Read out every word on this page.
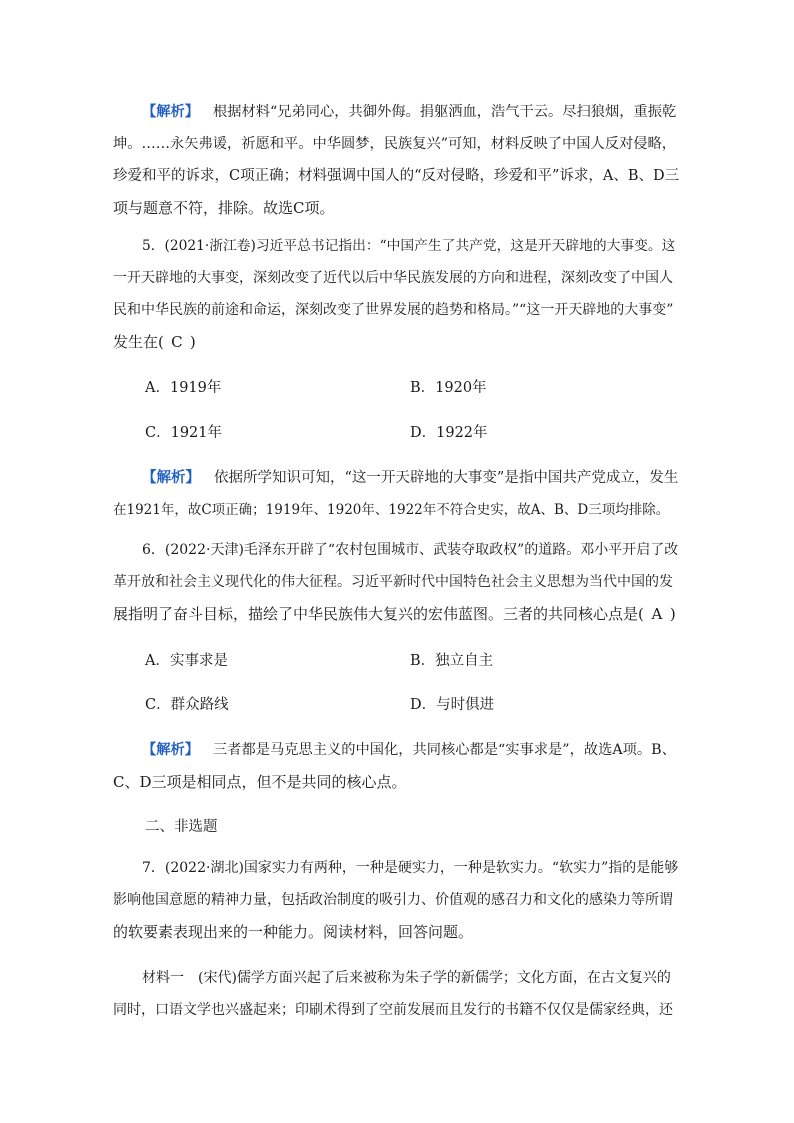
【解析】 根据材料“兄弟同心，共御外侮。捐躯洒血，浩气干云。尽扫狼烟，重振乾
坤。……永矢弗谖，祈愿和平。中华圆梦，民族复兴”可知，材料反映了中国人反对侵略，
珍爱和平的诉求，C项正确；材料强调中国人的“反对侵略，珍爱和平”诉求，A、B、D三
项与题意不符，排除。故选C项。
5．(2021·浙江卷)习近平总书记指出：“中国产生了共产党，这是开天辟地的大事变。这
一开天辟地的大事变，深刻改变了近代以后中华民族发展的方向和进程，深刻改变了中国人
民和中华民族的前途和命运，深刻改变了世界发展的趋势和格局。”“这一开天辟地的大事变”
发生在( C )
A．1919年	B．1920年
C．1921年	D．1922年
【解析】 依据所学知识可知，“这一开天辟地的大事变”是指中国共产党成立，发生
在1921年，故C项正确；1919年、1920年、1922年不符合史实，故A、B、D三项均排除。
6．(2022·天津)毛泽东开辟了“农村包围城市、武装夺取政权”的道路。邓小平开启了改
革开放和社会主义现代化的伟大征程。习近平新时代中国特色社会主义思想为当代中国的发
展指明了奋斗目标，描绘了中华民族伟大复兴的宏伟蓝图。三者的共同核心点是( A )
A．实事求是	B．独立自主
C．群众路线	D．与时俱进
【解析】 三者都是马克思主义的中国化，共同核心都是“实事求是”，故选A项。B、
C、D三项是相同点，但不是共同的核心点。
二、非选题
7．(2022·湖北)国家实力有两种，一种是硬实力，一种是软实力。“软实力”指的是能够
影响他国意愿的精神力量，包括政治制度的吸引力、价值观的感召力和文化的感染力等所谓
的软要素表现出来的一种能力。阅读材料，回答问题。
材料一　(宋代)儒学方面兴起了后来被称为朱子学的新儒学；文化方面，在古文复兴的
同时，口语文学也兴盛起来；印刷术得到了空前发展而且发行的书籍不仅仅是儒家经典，还
